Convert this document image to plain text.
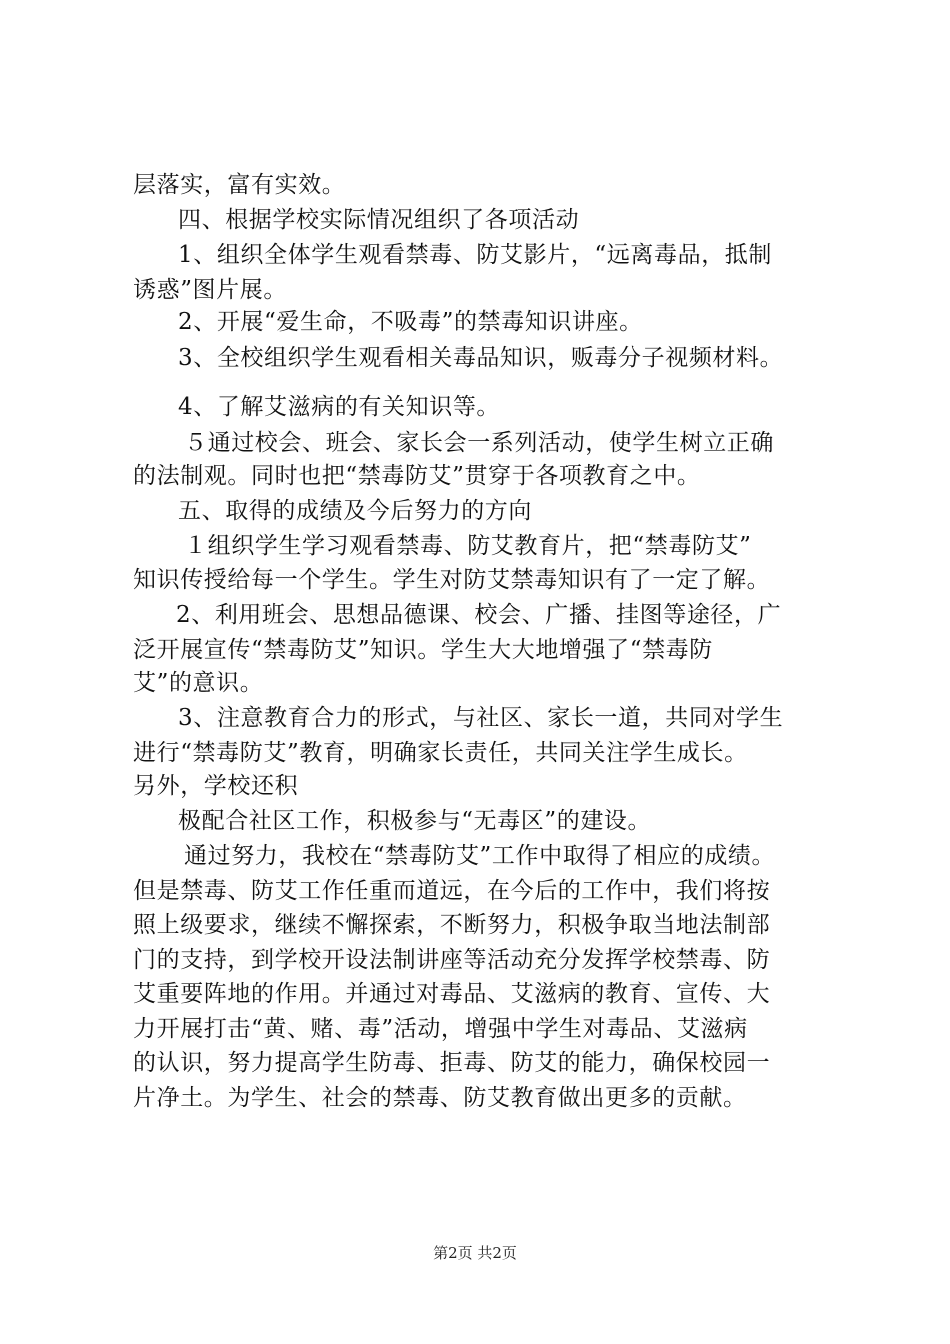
层落实，富有实效。
四、根据学校实际情况组织了各项活动
1、组织全体学生观看禁毒、防艾影片，“远离毒品，抵制
诱惑”图片展。
2、开展“爱生命，不吸毒”的禁毒知识讲座。
3、全校组织学生观看相关毒品知识，贩毒分子视频材料。
4、了解艾滋病的有关知识等。
５通过校会、班会、家长会一系列活动，使学生树立正确
的法制观。同时也把“禁毒防艾”贯穿于各项教育之中。
五、取得的成绩及今后努力的方向
１组织学生学习观看禁毒、防艾教育片，把“禁毒防艾”
知识传授给每一个学生。学生对防艾禁毒知识有了一定了解。
2、利用班会、思想品德课、校会、广播、挂图等途径，广
泛开展宣传“禁毒防艾”知识。学生大大地增强了“禁毒防
艾”的意识。
3、注意教育合力的形式，与社区、家长一道，共同对学生
进行“禁毒防艾”教育，明确家长责任，共同关注学生成长。
另外，学校还积
极配合社区工作，积极参与“无毒区”的建设。
通过努力，我校在“禁毒防艾”工作中取得了相应的成绩。
但是禁毒、防艾工作任重而道远，在今后的工作中，我们将按
照上级要求，继续不懈探索，不断努力，积极争取当地法制部
门的支持，到学校开设法制讲座等活动充分发挥学校禁毒、防
艾重要阵地的作用。并通过对毒品、艾滋病的教育、宣传、大
力开展打击“黄、赌、毒”活动，增强中学生对毒品、艾滋病
的认识，努力提高学生防毒、拒毒、防艾的能力，确保校园一
片净土。为学生、社会的禁毒、防艾教育做出更多的贡献。
第2页 共2页
